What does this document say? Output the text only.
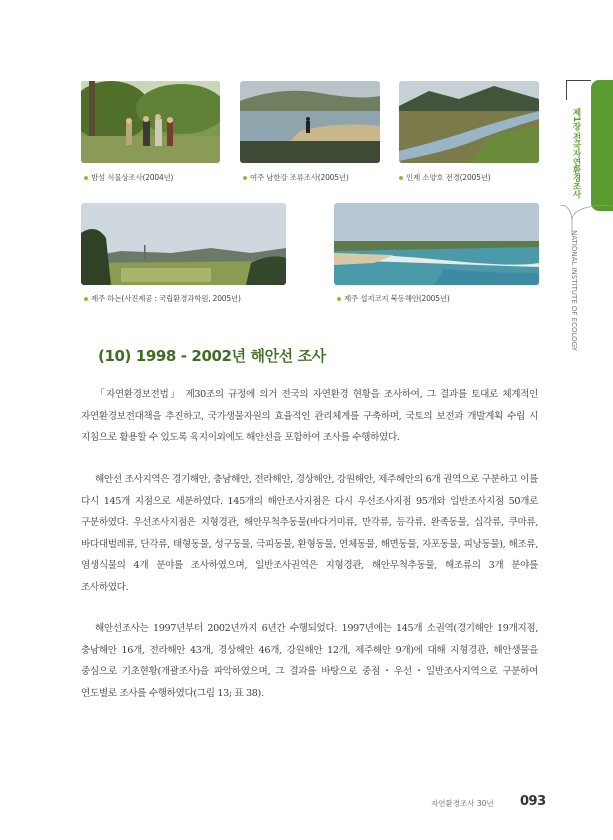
밤섬 식물상조사(2004년)	여주 남한강 조류조사(2005년)	인제 소양호 전경(2005년)
제주 하논(사진제공 : 국립환경과학원, 2005년)	제주 섭지코지 북동해안(2005년)
(10) 1998 - 2002년 해안선 조사

「자연환경보전법」 제30조의 규정에 의거 전국의 자연환경 현황을 조사하여, 그 결과를 토대로 체계적인 자연환경보전대책을 추진하고, 국가생물자원의 효율적인 관리체계를 구축하며, 국토의 보전과 개발계획 수립 시 지침으로 활용할 수 있도록 육지이외에도 해안선을 포함하여 조사를 수행하였다.

해안선 조사지역은 경기해안, 충남해안, 전라해안, 경상해안, 강원해안, 제주해안의 6개 권역으로 구분하고 이를 다시 145개 지점으로 세분하였다. 145개의 해안조사지점은 다시 우선조사지점 95개와 일반조사지점 50개로 구분하였다. 우선조사지점은 지형경관, 해안무척추동물(바다거미류, 만각류, 등각류, 완족동물, 십각류, 쿠마류, 바다대벌레류, 단각류, 태형동물, 성구동물, 극피동물, 환형동물, 연체동물, 해면동물, 자포동물, 피낭동물), 해조류, 염생식물의 4개 분야를 조사하였으며, 일반조사권역은 지형경관, 해안무척추동물, 해조류의 3개 분야를 조사하였다.

해안선조사는 1997년부터 2002년까지 6년간 수행되었다. 1997년에는 145개 소권역(경기해안 19개지점, 충남해안 16개, 전라해안 43개, 경상해안 46개, 강원해안 12개, 제주해안 9개)에 대해 지형경관, 해안생물을 중심으로 기초현황(개괄조사)을 파악하였으며, 그 결과를 바탕으로 중점・우선・일반조사지역으로 구분하여 연도별로 조사를 수행하였다(그림 13; 표 38).

제1장 전국자연환경조사
NATIONAL INSTITUTE OF ECOLOGY
자연환경조사 30년 093
